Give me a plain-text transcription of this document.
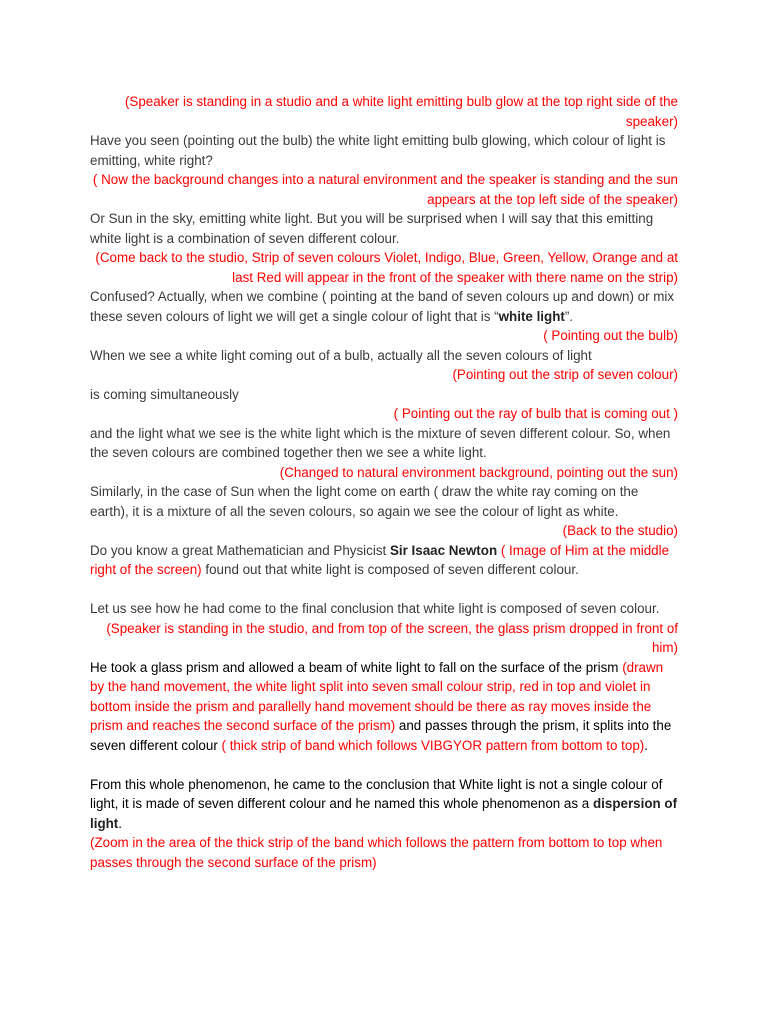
(Speaker is standing in a studio and a white light emitting bulb glow at the top right side of the speaker)

Have you seen (pointing out the bulb) the white light emitting bulb glowing, which colour of light is emitting, white right?

( Now the background changes into a natural environment and the speaker is standing and the sun appears at the top left side of the speaker)

Or Sun in the sky, emitting white light. But you will be surprised when I will say that this emitting white light is a combination of seven different colour.

(Come back to the studio, Strip of seven colours Violet, Indigo, Blue, Green, Yellow, Orange and at last Red will appear in the front of the speaker with there name on the strip)

Confused? Actually, when we combine ( pointing at the band of seven colours up and down) or mix these seven colours of light we will get a single colour of light that is “white light”.

( Pointing out the bulb)

When we see a white light coming out of a bulb, actually all the seven colours of light

(Pointing out the strip of seven colour)

is coming simultaneously

( Pointing out the ray of bulb that is coming out )

and the light what we see is the white light which is the mixture of seven different colour. So, when the seven colours are combined together then we see a white light.

(Changed to natural environment background, pointing out the sun)

Similarly, in the case of Sun when the light come on earth ( draw the white ray coming on the earth), it is a mixture of all the seven colours, so again we see the colour of light as white.

(Back to the studio)

Do you know a great Mathematician and Physicist Sir Isaac Newton ( Image of Him at the middle right of the screen) found out that white light is composed of seven different colour.

Let us see how he had come to the final conclusion that white light is composed of seven colour.

(Speaker is standing in the studio, and from top of the screen, the glass prism dropped in front of him)

He took a glass prism and allowed a beam of white light to fall on the surface of the prism (drawn by the hand movement, the white light split into seven small colour strip, red in top and violet in bottom inside the prism and parallelly hand movement should be there as ray moves inside the prism and reaches the second surface of the prism) and passes through the prism, it splits into the seven different colour ( thick strip of band which follows VIBGYOR pattern from bottom to top).

From this whole phenomenon, he came to the conclusion that White light is not a single colour of light, it is made of seven different colour and he named this whole phenomenon as a dispersion of light.

(Zoom in the area of the thick strip of the band which follows the pattern from bottom to top when passes through the second surface of the prism)
